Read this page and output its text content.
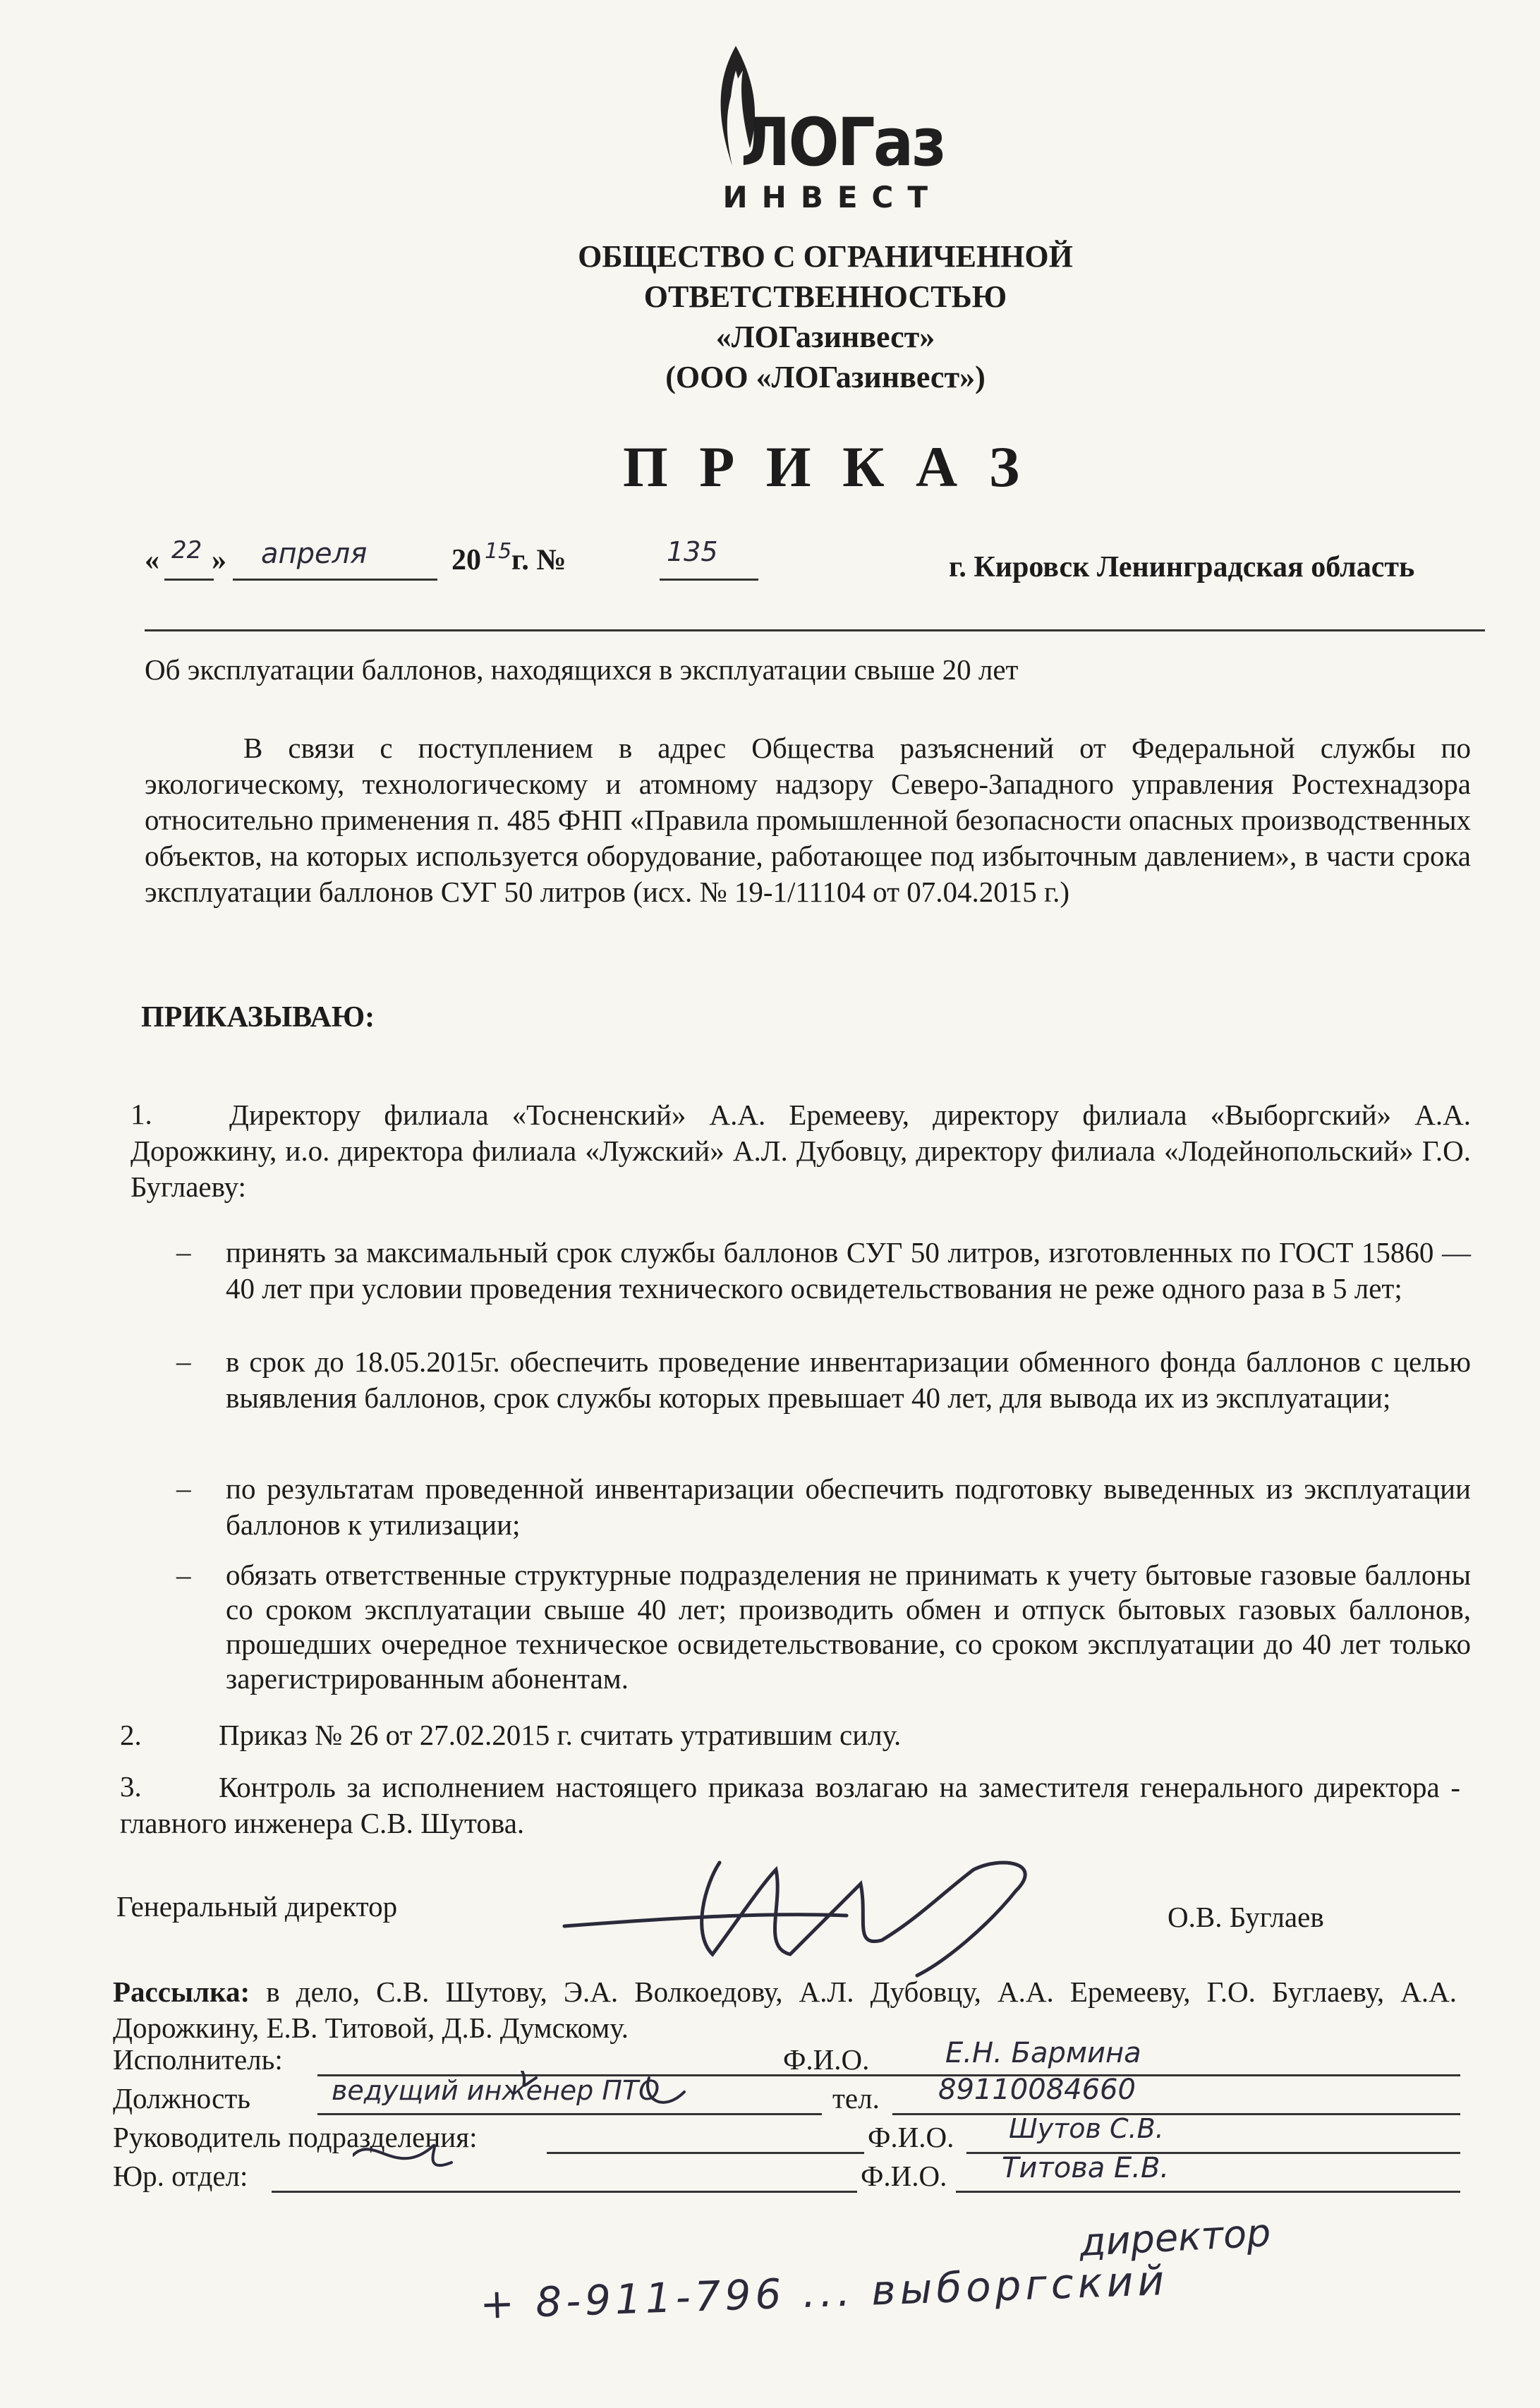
ЛОГаз
ИНВЕСТ
ОБЩЕСТВО С ОГРАНИЧЕННОЙ
ОТВЕТСТВЕННОСТЬЮ
«ЛОГазинвест»
(ООО «ЛОГазинвест»)
П Р И К А З
« 22 » апреля	20 15 г. №	135	г. Кировск Ленинградская область
Об эксплуатации баллонов, находящихся в эксплуатации свыше 20 лет
В связи с поступлением в адрес Общества разъяснений от Федеральной службы по экологическому, технологическому и атомному надзору Северо-Западного управления Ростехнадзора относительно применения п. 485 ФНП «Правила промышленной безопасности опасных производственных объектов, на которых используется оборудование, работающее под избыточным давлением», в части срока эксплуатации баллонов СУГ 50 литров (исх. № 19-1/11104 от 07.04.2015 г.)
ПРИКАЗЫВАЮ:
1.	Директору филиала «Тосненский» А.А. Еремееву, директору филиала «Выборгский» А.А. Дорожкину, и.о. директора филиала «Лужский» А.Л. Дубовцу, директору филиала «Лодейнопольский» Г.О. Буглаеву:
– принять за максимальный срок службы баллонов СУГ 50 литров, изготовленных по ГОСТ 15860 — 40 лет при условии проведения технического освидетельствования не реже одного раза в 5 лет;
– в срок до 18.05.2015г. обеспечить проведение инвентаризации обменного фонда баллонов с целью выявления баллонов, срок службы которых превышает 40 лет, для вывода их из эксплуатации;
– по результатам проведенной инвентаризации обеспечить подготовку выведенных из эксплуатации баллонов к утилизации;
– обязать ответственные структурные подразделения не принимать к учету бытовые газовые баллоны со сроком эксплуатации свыше 40 лет; производить обмен и отпуск бытовых газовых баллонов, прошедших очередное техническое освидетельствование, со сроком эксплуатации до 40 лет только зарегистрированным абонентам.
2.	Приказ № 26 от 27.02.2015 г. считать утратившим силу.
3.	Контроль за исполнением настоящего приказа возлагаю на заместителя генерального директора - главного инженера С.В. Шутова.
Генеральный директор	О.В. Буглаев
Рассылка: в дело, С.В. Шутову, Э.А. Волкоедову, А.Л. Дубовцу, А.А. Еремееву, Г.О. Буглаеву, А.А. Дорожкину, Е.В. Титовой, Д.Б. Думскому.
Исполнитель:	Ф.И.О.	Е.Н. Бармина
Должность	ведущий инженер ПТО	тел. 89110084660
Руководитель подразделения:	Ф.И.О. Шутов С.В.
Юр. отдел:	Ф.И.О. Титова Е.В.
директор
+ 8-911-796 ... выборгский
